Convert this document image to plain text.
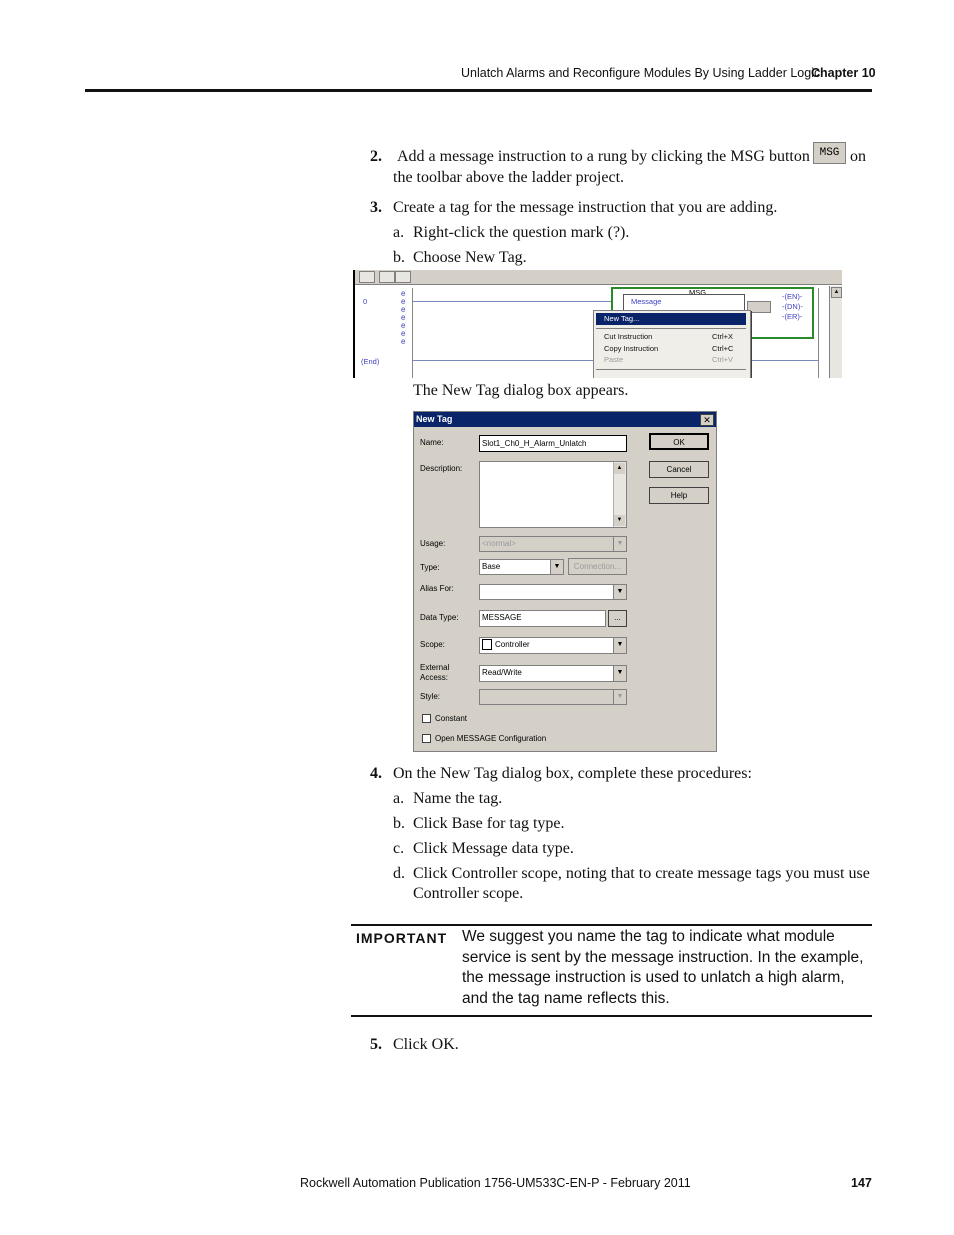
Unlatch Alarms and Reconfigure Modules By Using Ladder Logic
Chapter 10
2. Add a message instruction to a rung by clicking the MSG button MSG on
the toolbar above the ladder project.
3. Create a tag for the message instruction that you are adding.
a. Right-click the question mark (?).
b. Choose New Tag.
0
(End)
e
e
e
e
e
e
e
MSG
Message
-(EN)-
-(DN)-
-(ER)-
New Tag...
Cut Instruction	Ctrl+X
Copy Instruction	Ctrl+C
Paste	Ctrl+V
▲
The New Tag dialog box appears.
New Tag	✕
Name:	Slot1_Ch0_H_Alarm_Unlatch
Description:	▲
▼
Usage:	<normal>	▼
Type:	Base	▼	Connection...
Alias For:	▼
Data Type:	MESSAGE	...
Scope:	Controller	▼
External
Access:
Read/Write	▼
Style:	▼
Constant
Open MESSAGE Configuration
OK
Cancel
Help
4. On the New Tag dialog box, complete these procedures:
a. Name the tag.
b. Click Base for tag type.
c. Click Message data type.
d. Click Controller scope, noting that to create message tags you must use
Controller scope.
IMPORTANT We suggest you name the tag to indicate what module service is sent by the message instruction. In the example, the message instruction is used to unlatch a high alarm, and the tag name reflects this.
5. Click OK.
Rockwell Automation Publication 1756-UM533C-EN-P - February 2011	147
